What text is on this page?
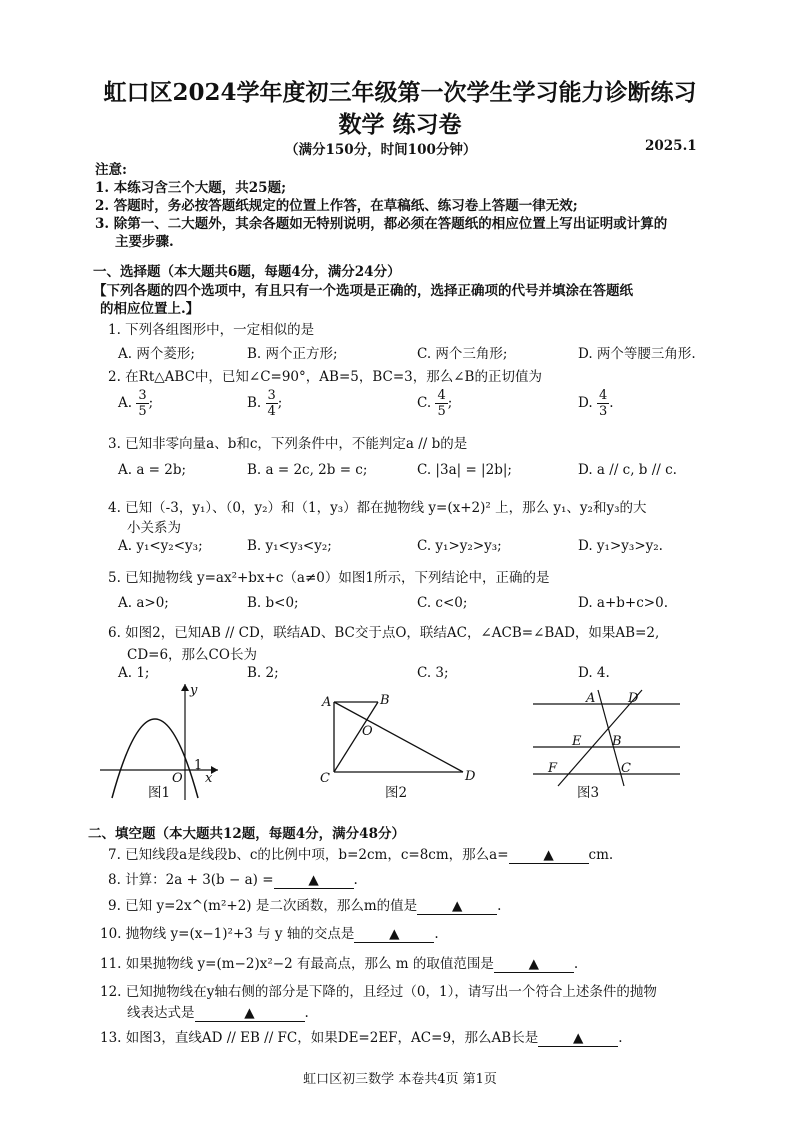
虹口区2024学年度初三年级第一次学生学习能力诊断练习
数学 练习卷
（满分150分，时间100分钟）	2025.1
注意:
1. 本练习含三个大题，共25题;
2. 答题时，务必按答题纸规定的位置上作答，在草稿纸、练习卷上答题一律无效;
3. 除第一、二大题外，其余各题如无特别说明，都必须在答题纸的相应位置上写出证明或计算的
主要步骤.
一、选择题（本大题共6题，每题4分，满分24分）
【下列各题的四个选项中，有且只有一个选项是正确的，选择正确项的代号并填涂在答题纸
的相应位置上.】
1. 下列各组图形中，一定相似的是
A. 两个菱形;	B. 两个正方形;	C. 两个三角形;	D. 两个等腰三角形.
2. 在Rt△ABC中，已知∠C=90°，AB=5，BC=3，那么∠B的正切值为
A. $\frac{3}{5}$ ;	B. $\frac{3}{4}$ ;	C. $\frac{4}{5}$ ;	D. $\frac{4}{3}$ .
3. 已知非零向量a、b和c，下列条件中，不能判定a // b的是
A. a = 2b;	B. a = 2c, 2b = c;	C. |3a| = |2b|;	D. a // c, b // c.
4. 已知（-3，y₁）、（0，y₂）和（1，y₃）都在抛物线 y=(x+2)² 上，那么 y₁、y₂和y₃的大
小关系为
A. y₁<y₂<y₃;	B. y₁<y₃<y₂;	C. y₁>y₂>y₃;	D. y₁>y₃>y₂.
5. 已知抛物线 y=ax²+bx+c（a≠0）如图1所示，下列结论中，正确的是
A. a>0;	B. b<0;	C. c<0;	D. a+b+c>0.
6. 如图2，已知AB // CD，联结AD、BC交于点O，联结AC，∠ACB=∠BAD，如果AB=2,
CD=6，那么CO长为
A. 1;	B. 2;	C. 3;	D. 4.
y
x
O
1
图1
A	B
O
C	D
图2
A	D
E B
F	C
图3
二、填空题（本大题共12题，每题4分，满分48分）
7. 已知线段a是线段b、c的比例中项，b=2cm，c=8cm，那么a=	▲	cm.
8. 计算：2a + 3(b − a) =	▲	.
9. 已知 y=2x^(m²+2) 是二次函数，那么m的值是	▲	.
10. 抛物线 y=(x−1)²+3 与 y 轴的交点是	▲	.
11. 如果抛物线 y=(m−2)x²−2 有最高点，那么 m 的取值范围是	▲	.
12. 已知抛物线在y轴右侧的部分是下降的，且经过（0，1），请写出一个符合上述条件的抛物
线表达式是	▲	.
13. 如图3，直线AD // EB // FC，如果DE=2EF，AC=9，那么AB长是	▲	.
虹口区初三数学 本卷共4页 第1页
